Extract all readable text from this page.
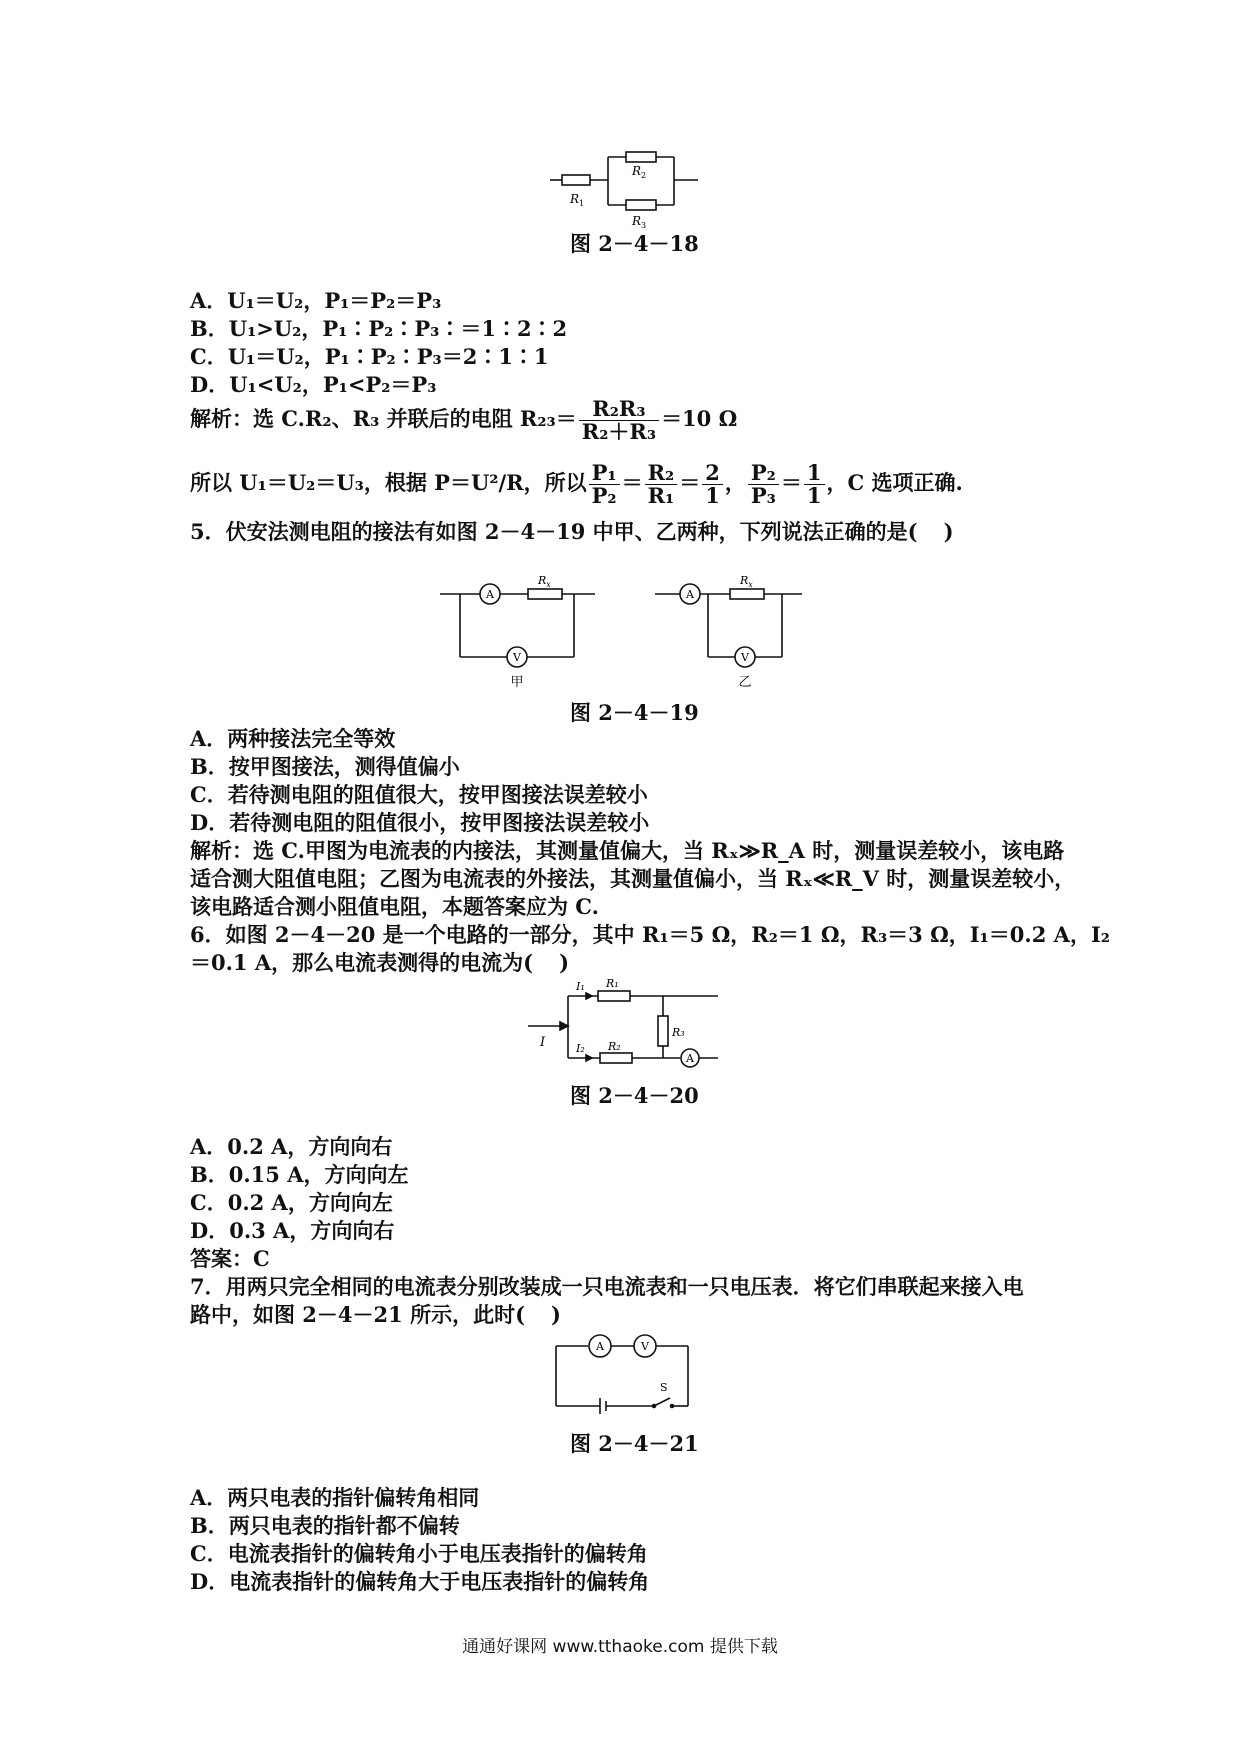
$R_1$
$R_2$
$R_3$
图 2－4－18
A．U₁＝U₂，P₁＝P₂＝P₃
B．U₁>U₂，P₁∶P₂∶P₃∶＝1∶2∶2
C．U₁＝U₂，P₁∶P₂∶P₃＝2∶1∶1
D．U₁<U₂，P₁<P₂＝P₃
解析：选 C.R₂、R₃ 并联后的电阻 $R_{23}= \frac{\text{R₂R₃}}{\text{R₂＋R₃}} =10$ Ω
所以 U₁＝U₂＝U₃，根据 P＝U²/R，所以 $\frac{\text{P₁}}{\text{P₂}} = \frac{\text{R₂}}{\text{R₁}} = \frac{2}{1}$ ， $\frac{\text{P₂}}{\text{P₃}} = \frac{1}{1}$ ，C 选项正确.
5．伏安法测电阻的接法有如图 2－4－19 中甲、乙两种，下列说法正确的是( )
A
V
A
V
$R_x$	$R_x$
甲	乙
图 2－4－19
A．两种接法完全等效
B．按甲图接法，测得值偏小
C．若待测电阻的阻值很大，按甲图接法误差较小
D．若待测电阻的阻值很小，按甲图接法误差较小
解析：选 C.甲图为电流表的内接法，其测量值偏大，当 Rₓ≫R_A 时，测量误差较小，该电路
适合测大阻值电阻；乙图为电流表的外接法，其测量值偏小，当 Rₓ≪R_V 时，测量误差较小，
该电路适合测小阻值电阻，本题答案应为 C.
6．如图 2－4－20 是一个电路的一部分，其中 R₁＝5 Ω，R₂＝1 Ω，R₃＝3 Ω，I₁＝0.2 A，I₂
＝0.1 A，那么电流表测得的电流为( )
A
I
I₁
I₂
R₁
R₂
R₃
图 2－4－20
A．0.2 A，方向向右
B．0.15 A，方向向左
C．0.2 A，方向向左
D．0.3 A，方向向右
答案：C
7．用两只完全相同的电流表分别改装成一只电流表和一只电压表．将它们串联起来接入电
路中，如图 2－4－21 所示，此时( )
A	V
S
图 2－4－21
A．两只电表的指针偏转角相同
B．两只电表的指针都不偏转
C．电流表指针的偏转角小于电压表指针的偏转角
D．电流表指针的偏转角大于电压表指针的偏转角
通通好课网 www.tthaoke.com 提供下载
